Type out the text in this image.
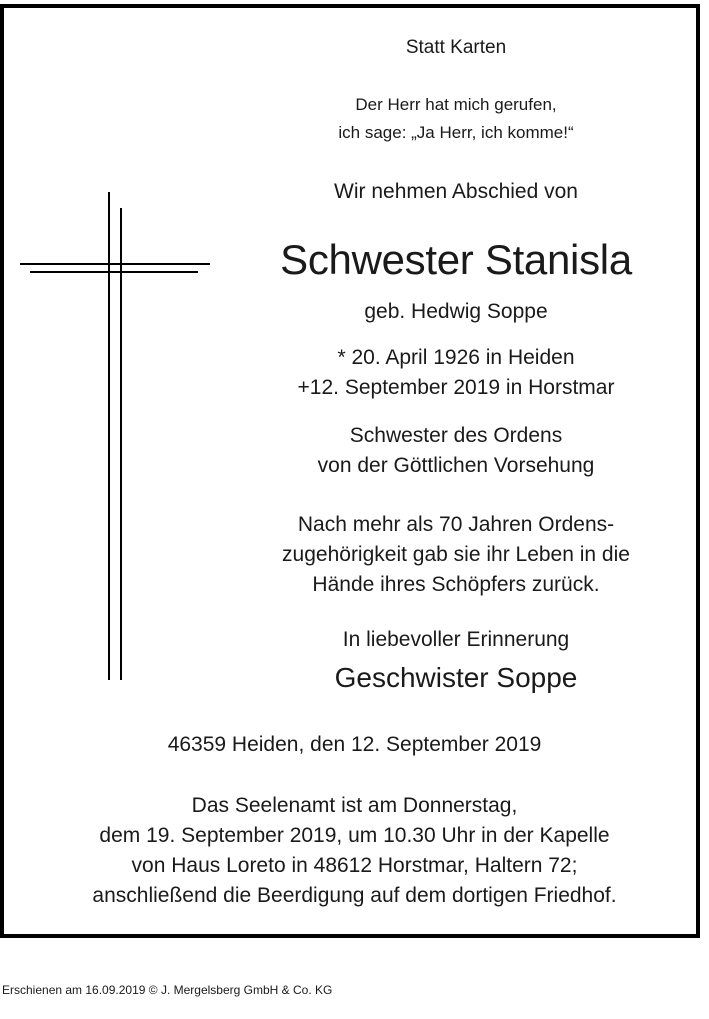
Statt Karten
Der Herr hat mich gerufen,
ich sage: „Ja Herr, ich komme!“
Wir nehmen Abschied von
Schwester Stanisla
geb. Hedwig Soppe
* 20. April 1926 in Heiden
+12. September 2019 in Horstmar
Schwester des Ordens
von der Göttlichen Vorsehung
Nach mehr als 70 Jahren Ordens-
zugehörigkeit gab sie ihr Leben in die
Hände ihres Schöpfers zurück.
In liebevoller Erinnerung
Geschwister Soppe
46359 Heiden, den 12. September 2019
Das Seelenamt ist am Donnerstag,
dem 19. September 2019, um 10.30 Uhr in der Kapelle
von Haus Loreto in 48612 Horstmar, Haltern 72;
anschließend die Beerdigung auf dem dortigen Friedhof.
Erschienen am 16.09.2019 © J. Mergelsberg GmbH & Co. KG
